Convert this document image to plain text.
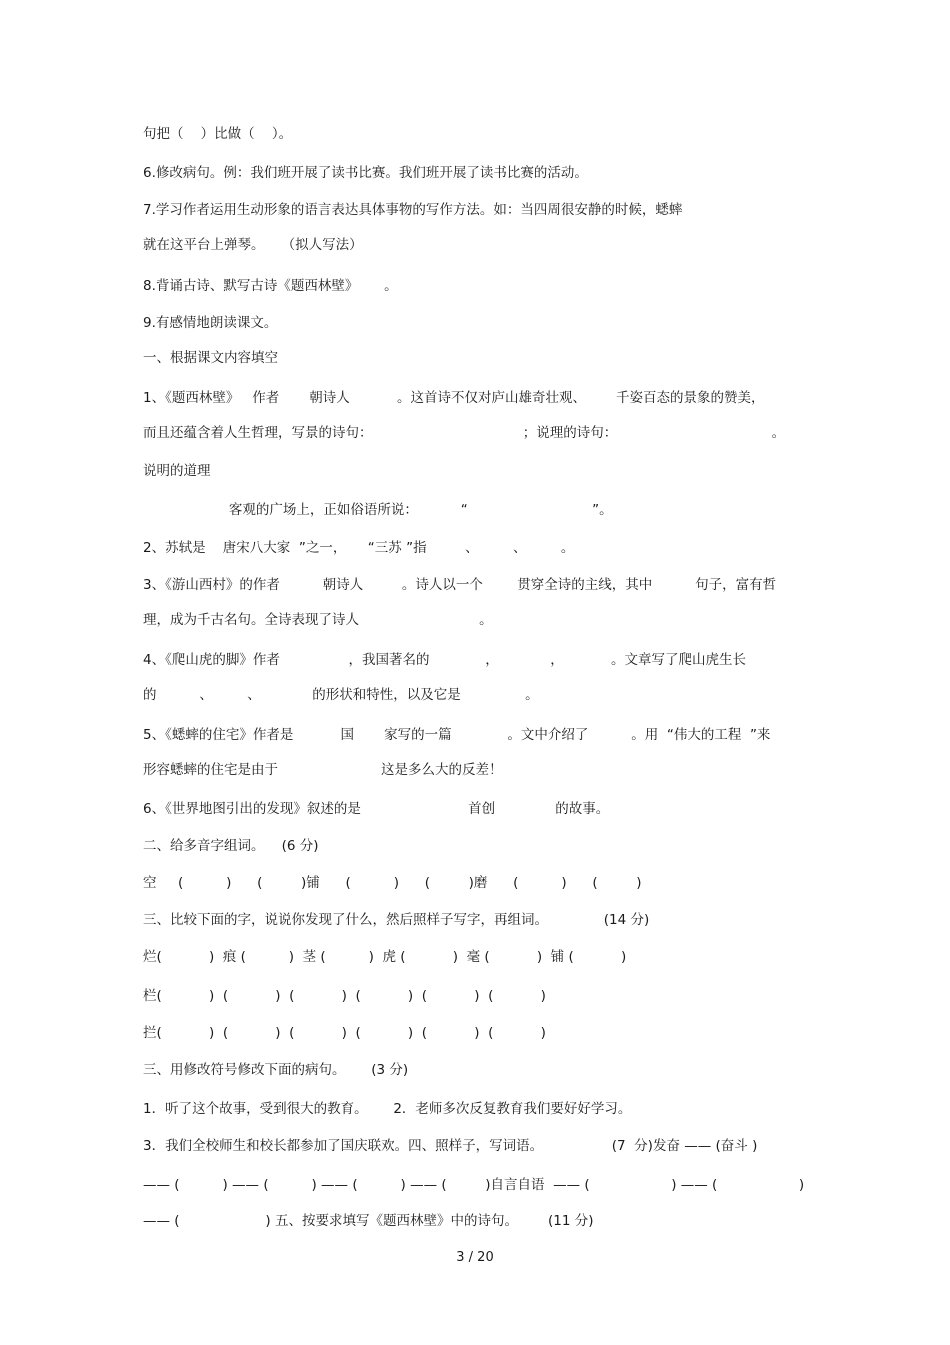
句把（    ）比做（    ）。

6.修改病句。例：我们班开展了读书比赛。我们班开展了读书比赛的活动。

7.学习作者运用生动形象的语言表达具体事物的写作方法。如：当四周很安静的时候，蟋蟀

就在这平台上弹琴。    （拟人写法）

8.背诵古诗、默写古诗《题西林壁》      。

9.有感情地朗读课文。

一、根据课文内容填空

1、《题西林壁》   作者       朝诗人           。这首诗不仅对庐山雄奇壮观、       千姿百态的景象的赞美，

而且还蕴含着人生哲理，写景的诗句：                                   ；说理的诗句：                                    。

说明的道理

客观的广场上，正如俗语所说：          “                             ”。

2、苏轼是    唐宋八大家  ”之一，     “三苏 ”指         、        、        。

3、《游山西村》的作者          朝诗人         。诗人以一个        贯穿全诗的主线，其中          句子，富有哲

理，成为千古名句。全诗表现了诗人                            。

4、《爬山虎的脚》作者                ，我国著名的             ，            ，           。文章写了爬山虎生长

的          、        、            的形状和特性，以及它是               。

5、《蟋蟀的住宅》作者是           国       家写的一篇             。文中介绍了          。用  “伟大的工程  ”来

形容蟋蟀的住宅是由于                        这是多么大的反差！

6、《世界地图引出的发现》叙述的是                         首创              的故事。

二、给多音字组词。    (6 分)

空     (          )      (         )铺      (          )      (         )磨      (          )      (         )

三、比较下面的字，说说你发现了什么，然后照样子写字，再组词。             (14 分)

烂(           )  痕 (          )  茎 (          )  虎 (           )  毫 (           )  铺 (           )

栏(           )  (           )  (           )  (           )  (           )  (           )

拦(           )  (           )  (           )  (           )  (           )  (           )

三、用修改符号修改下面的病句。      (3 分)

1．听了这个故事，受到很大的教育。      2．老师多次反复教育我们要好好学习。

3．我们全校师生和校长都参加了国庆联欢。四、照样子，写词语。                (7  分)发奋 —— (奋斗 )

—— (          ) —— (          ) —— (          ) —— (         )自言自语  —— (                   ) —— (                   )

—— (                    ) 五、按要求填写《题西林壁》中的诗句。       (11 分)

3 / 20
